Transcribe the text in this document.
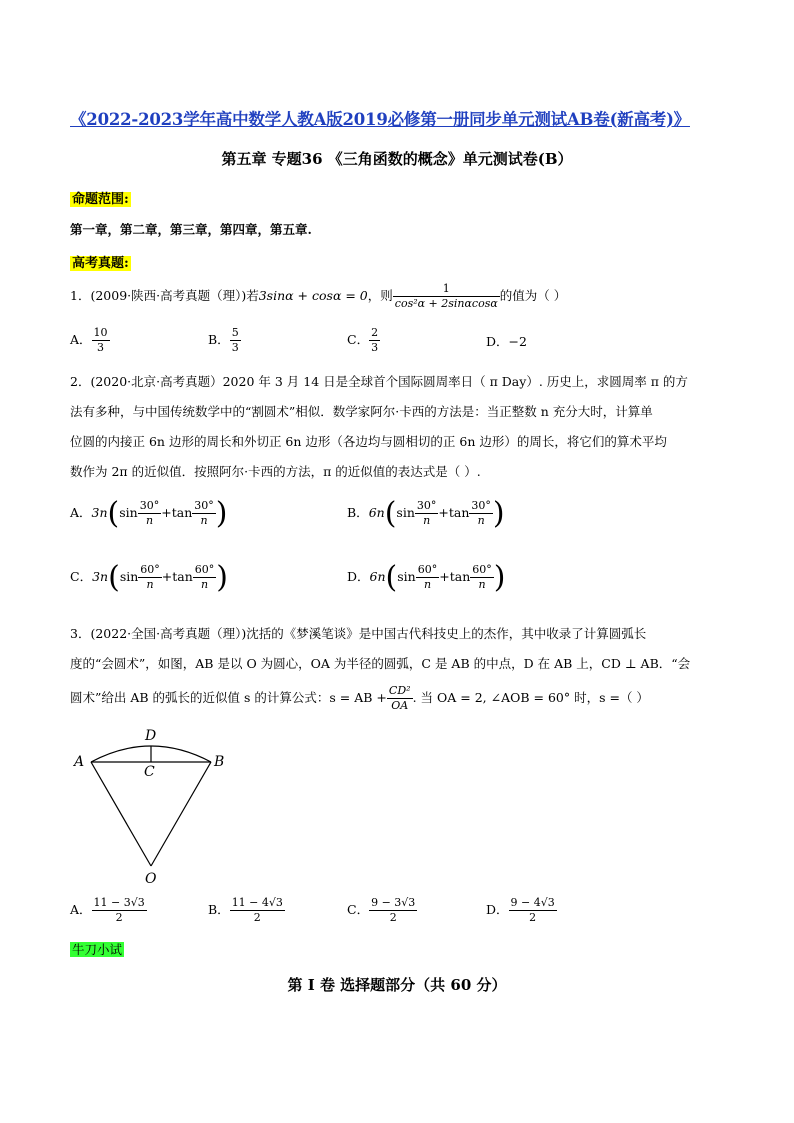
《2022-2023学年高中数学人教A版2019必修第一册同步单元测试AB卷(新高考)》
第五章 专题36 《三角函数的概念》单元测试卷(B）
命题范围:
第一章，第二章，第三章，第四章，第五章.
高考真题:
1．(2009·陕西·高考真题（理）)若3sinα + cosα = 0，则 $\frac{1}{\text{cos²α + 2sinαcosα}}$ 的值为（ ）
A． $\frac{10}{3}$	B． $\frac{5}{3}$	C． $\frac{2}{3}$	D．−2
2．(2020·北京·高考真题）2020 年 3 月 14 日是全球首个国际圆周率日（ π Day）. 历史上，求圆周率 π 的方
法有多种，与中国传统数学中的“割圆术”相似．数学家阿尔·卡西的方法是：当正整数 n 充分大时，计算单
位圆的内接正 6n 边形的周长和外切正 6n 边形（各边均与圆相切的正 6n 边形）的周长，将它们的算术平均
数作为 2π 的近似值．按照阿尔·卡西的方法，π 的近似值的表达式是（ ）.
A．$3n(\sin \frac{30^\circ}{n} +\tan \frac{30^\circ}{n}$ )	B．$6n(\sin \frac{30^\circ}{n} +\tan \frac{30^\circ}{n}$ )
C．$3n(\sin \frac{60^\circ}{n} +\tan \frac{60^\circ}{n}$ )	D．$6n(\sin \frac{60^\circ}{n} +\tan \frac{60^\circ}{n}$ )
3．(2022·全国·高考真题（理）)沈括的《梦溪笔谈》是中国古代科技史上的杰作，其中收录了计算圆弧长
度的“会圆术”，如图，AB 是以 O 为圆心，OA 为半径的圆弧，C 是 AB 的中点，D 在 AB 上，CD ⊥ AB．“会
圆术”给出 AB 的弧长的近似值 s 的计算公式：s = AB + $\frac{\text{CD²}}{OA}$ . 当 OA = 2, ∠AOB = 60° 时，s =（ ）
A	B
C
D
O
A． $\frac{11 - 3√3}{2}$	B． $\frac{11 - 4√3}{2}$	C． $\frac{9 - 3√3}{2}$	D． $\frac{9 - 4√3}{2}$
牛刀小试
第 I 卷 选择题部分（共 60 分）
